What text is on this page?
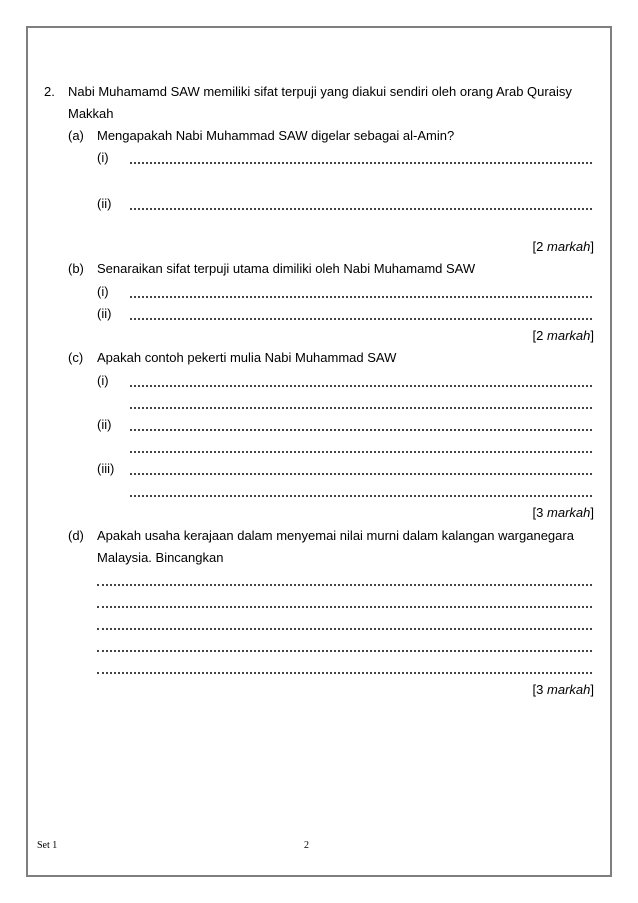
2. Nabi Muhamamd SAW memiliki sifat terpuji yang diakui sendiri oleh orang Arab Quraisy
Makkah
(a) Mengapakah Nabi Muhammad SAW digelar sebagai al-Amin?
(i)
(ii)
[2 markah]
(b) Senaraikan sifat terpuji utama dimiliki oleh Nabi Muhamamd SAW
(i)
(ii)
[2 markah]
(c) Apakah contoh pekerti mulia Nabi Muhammad SAW
(i)
(ii)
(iii)
[3 markah]
(d) Apakah usaha kerajaan dalam menyemai nilai murni dalam kalangan warganegara
Malaysia. Bincangkan
[3 markah]
Set 1	2
